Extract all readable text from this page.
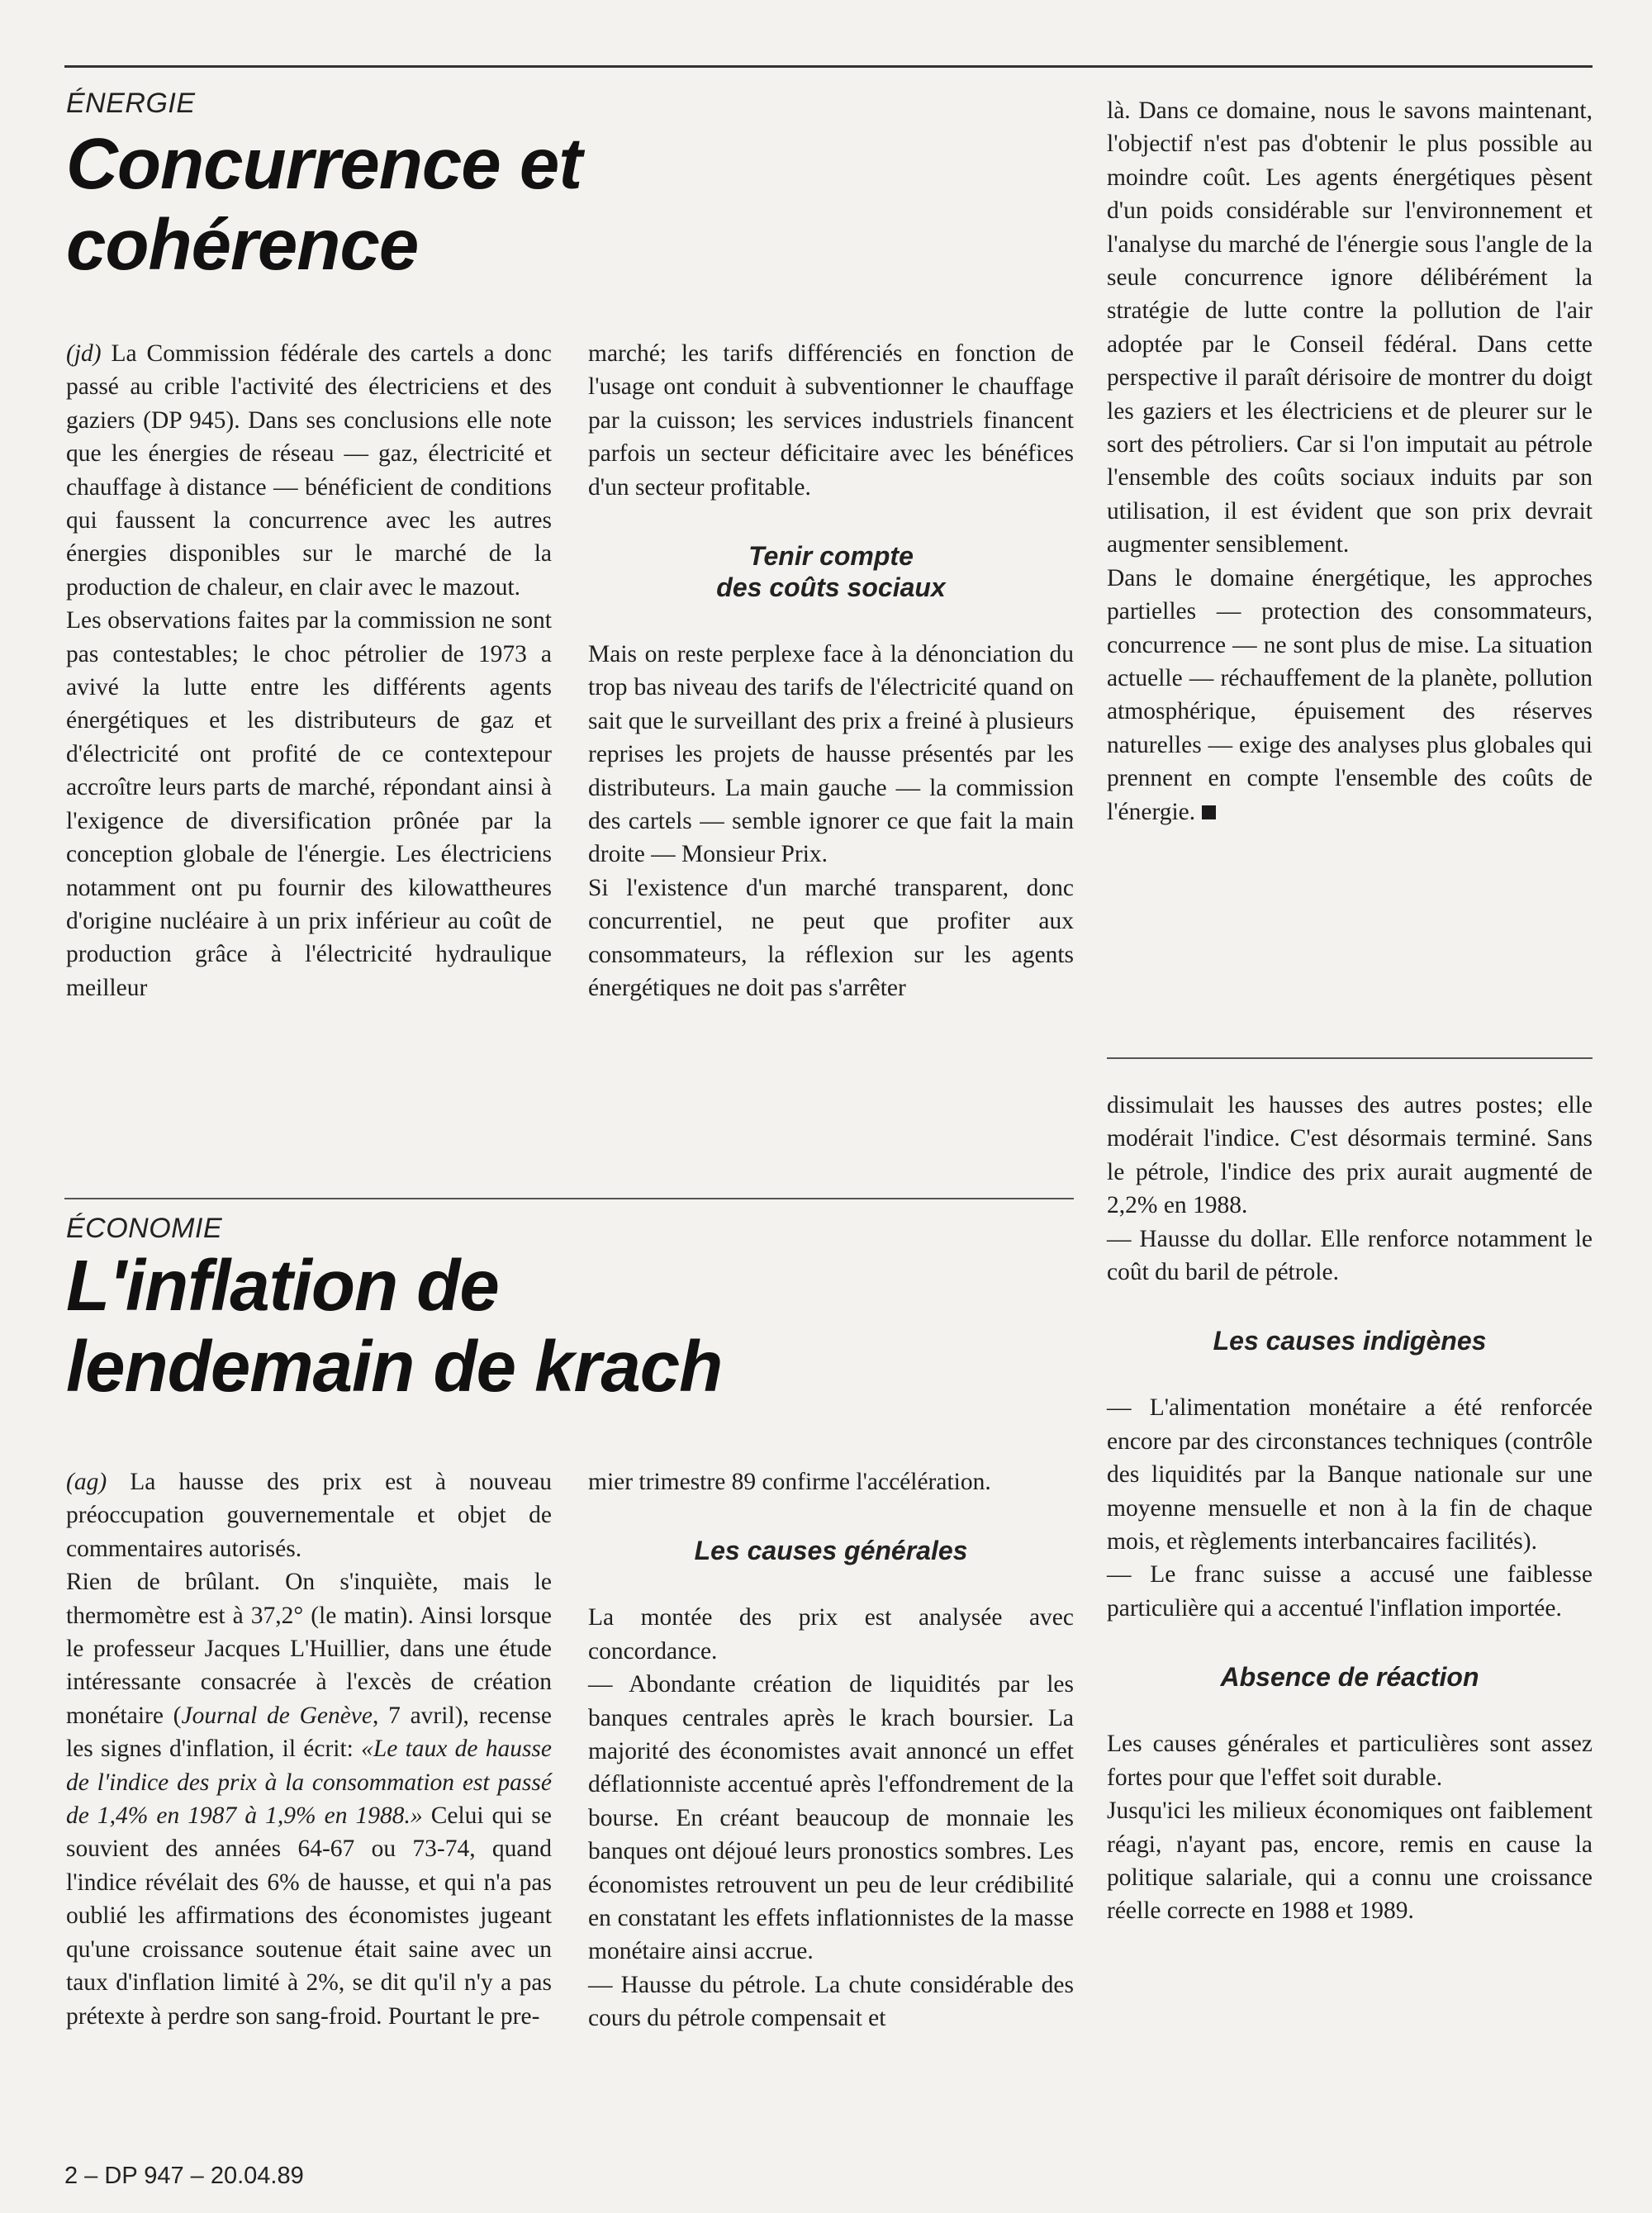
ÉNERGIE
Concurrence et
cohérence

(jd) La Commission fédérale des cartels a donc passé au crible l'activité des électriciens et des gaziers (DP 945). Dans ses conclusions elle note que les énergies de réseau — gaz, électricité et chauffage à distance — bénéficient de conditions qui faussent la concurrence avec les autres énergies disponibles sur le marché de la production de chaleur, en clair avec le mazout.

Les observations faites par la commission ne sont pas contestables; le choc pétrolier de 1973 a avivé la lutte entre les différents agents énergétiques et les distributeurs de gaz et d'électricité ont profité de ce contextepour accroître leurs parts de marché, répondant ainsi à l'exigence de diversification prônée par la conception globale de l'énergie. Les électriciens notamment ont pu fournir des kilowattheures d'origine nucléaire à un prix inférieur au coût de production grâce à l'électricité hydraulique meilleur

marché; les tarifs différenciés en fonction de l'usage ont conduit à subventionner le chauffage par la cuisson; les services industriels financent parfois un secteur déficitaire avec les bénéfices d'un secteur profitable.

Tenir compte
des coûts sociaux

Mais on reste perplexe face à la dénonciation du trop bas niveau des tarifs de l'électricité quand on sait que le surveillant des prix a freiné à plusieurs reprises les projets de hausse présentés par les distributeurs. La main gauche — la commission des cartels — semble ignorer ce que fait la main droite — Monsieur Prix.

Si l'existence d'un marché transparent, donc concurrentiel, ne peut que profiter aux consommateurs, la réflexion sur les agents énergétiques ne doit pas s'arrêter

là. Dans ce domaine, nous le savons maintenant, l'objectif n'est pas d'obtenir le plus possible au moindre coût. Les agents énergétiques pèsent d'un poids considérable sur l'environnement et l'analyse du marché de l'énergie sous l'angle de la seule concurrence ignore délibérément la stratégie de lutte contre la pollution de l'air adoptée par le Conseil fédéral. Dans cette perspective il paraît dérisoire de montrer du doigt les gaziers et les électriciens et de pleurer sur le sort des pétroliers. Car si l'on imputait au pétrole l'ensemble des coûts sociaux induits par son utilisation, il est évident que son prix devrait augmenter sensiblement.

Dans le domaine énergétique, les approches partielles — protection des consommateurs, concurrence — ne sont plus de mise. La situation actuelle — réchauffement de la planète, pollution atmosphérique, épuisement des réserves naturelles — exige des analyses plus globales qui prennent en compte l'ensemble des coûts de l'énergie.

ÉCONOMIE
L'inflation de
lendemain de krach

(ag) La hausse des prix est à nouveau préoccupation gouvernementale et objet de commentaires autorisés.

Rien de brûlant. On s'inquiète, mais le thermomètre est à 37,2° (le matin). Ainsi lorsque le professeur Jacques L'Huillier, dans une étude intéressante consacrée à l'excès de création monétaire (Journal de Genève, 7 avril), recense les signes d'inflation, il écrit: «Le taux de hausse de l'indice des prix à la consommation est passé de 1,4% en 1987 à 1,9% en 1988.» Celui qui se souvient des années 64-67 ou 73-74, quand l'indice révélait des 6% de hausse, et qui n'a pas oublié les affirmations des économistes jugeant qu'une croissance soutenue était saine avec un taux d'inflation limité à 2%, se dit qu'il n'y a pas prétexte à perdre son sang-froid. Pourtant le pre-

mier trimestre 89 confirme l'accélération.

Les causes générales

La montée des prix est analysée avec concordance.

— Abondante création de liquidités par les banques centrales après le krach boursier. La majorité des économistes avait annoncé un effet déflationniste accentué après l'effondrement de la bourse. En créant beaucoup de monnaie les banques ont déjoué leurs pronostics sombres. Les économistes retrouvent un peu de leur crédibilité en constatant les effets inflationnistes de la masse monétaire ainsi accrue.

— Hausse du pétrole. La chute considérable des cours du pétrole compensait et

dissimulait les hausses des autres postes; elle modérait l'indice. C'est désormais terminé. Sans le pétrole, l'indice des prix aurait augmenté de 2,2% en 1988.

— Hausse du dollar. Elle renforce notamment le coût du baril de pétrole.

Les causes indigènes

— L'alimentation monétaire a été renforcée encore par des circonstances techniques (contrôle des liquidités par la Banque nationale sur une moyenne mensuelle et non à la fin de chaque mois, et règlements interbancaires facilités).

— Le franc suisse a accusé une faiblesse particulière qui a accentué l'inflation importée.

Absence de réaction

Les causes générales et particulières sont assez fortes pour que l'effet soit durable.

Jusqu'ici les milieux économiques ont faiblement réagi, n'ayant pas, encore, remis en cause la politique salariale, qui a connu une croissance réelle correcte en 1988 et 1989.

2 – DP 947 – 20.04.89
